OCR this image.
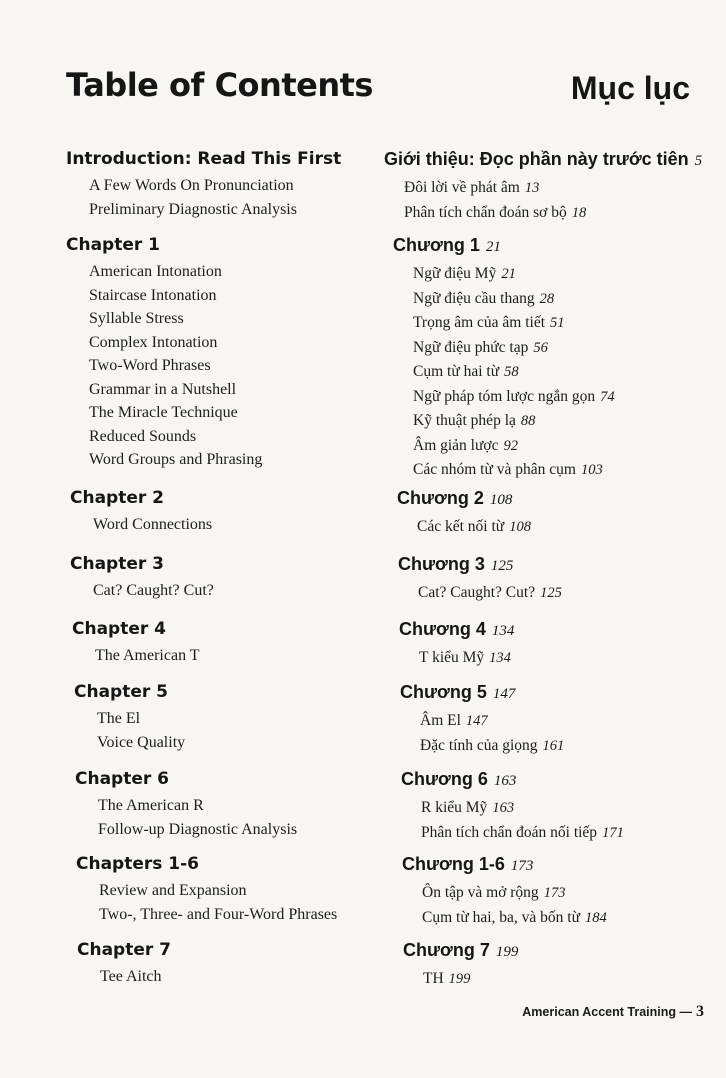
Table of Contents	Mục lục
Introduction: Read This First
A Few Words On Pronunciation
Preliminary Diagnostic Analysis
Chapter 1
American Intonation
Staircase Intonation
Syllable Stress
Complex Intonation
Two-Word Phrases
Grammar in a Nutshell
The Miracle Technique
Reduced Sounds
Word Groups and Phrasing
Chapter 2
Word Connections
Chapter 3
Cat? Caught? Cut?
Chapter 4
The American T
Chapter 5
The El
Voice Quality
Chapter 6
The American R
Follow-up Diagnostic Analysis
Chapters 1-6
Review and Expansion
Two-, Three- and Four-Word Phrases
Chapter 7
Tee Aitch
Giới thiệu: Đọc phần này trước tiên 5
Đôi lời về phát âm 13
Phân tích chẩn đoán sơ bộ 18
Chương 1 21
Ngữ điệu Mỹ 21
Ngữ điệu cầu thang 28
Trọng âm của âm tiết 51
Ngữ điệu phức tạp 56
Cụm từ hai từ 58
Ngữ pháp tóm lược ngắn gọn 74
Kỹ thuật phép lạ 88
Âm giản lược 92
Các nhóm từ và phân cụm 103
Chương 2 108
Các kết nối từ 108
Chương 3 125
Cat? Caught? Cut? 125
Chương 4 134
T kiểu Mỹ 134
Chương 5 147
Âm El 147
Đặc tính của giọng 161
Chương 6 163
R kiểu Mỹ 163
Phân tích chẩn đoán nối tiếp 171
Chương 1-6 173
Ôn tập và mở rộng 173
Cụm từ hai, ba, và bốn từ 184
Chương 7 199
TH 199
American Accent Training — 3
